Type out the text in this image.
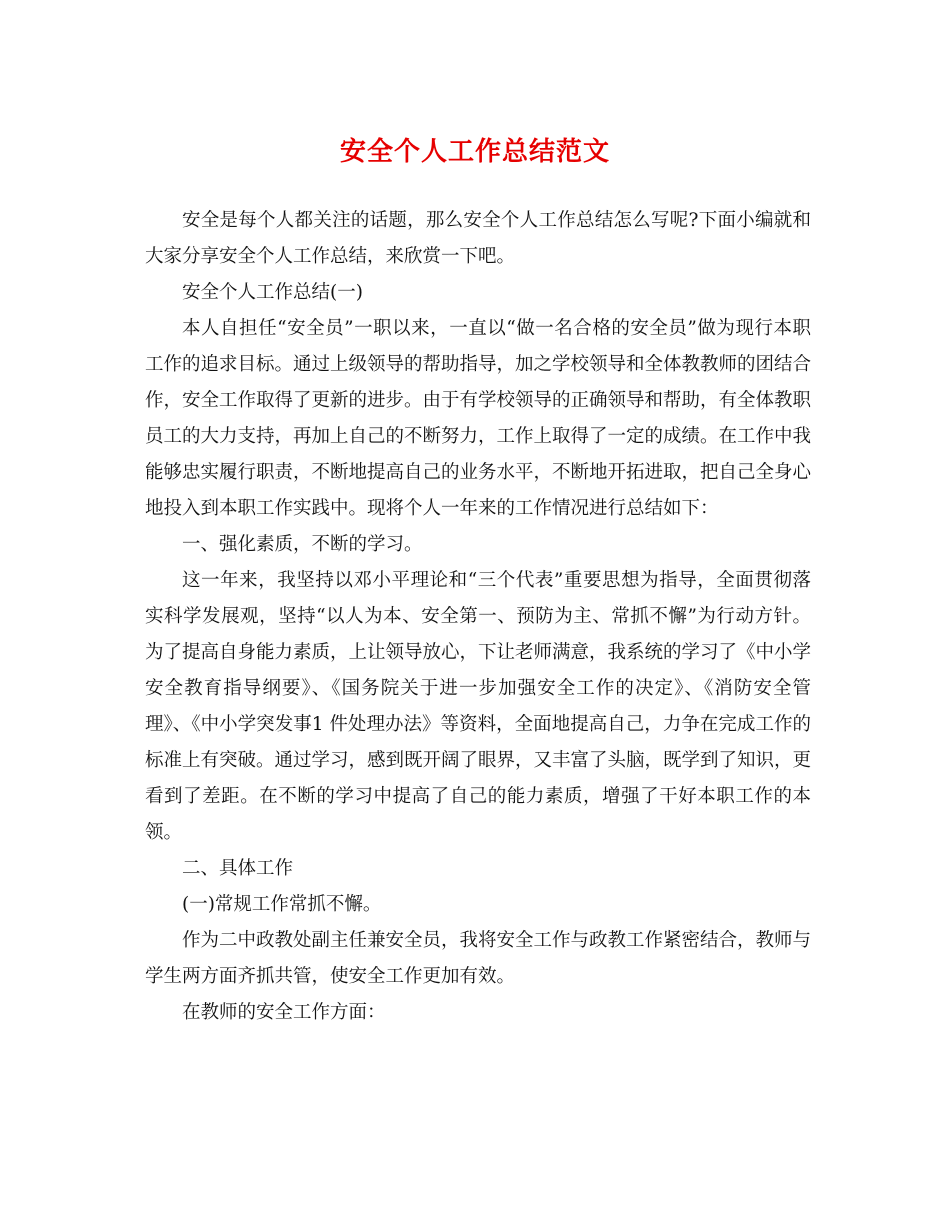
安全个人工作总结范文

安全是每个人都关注的话题，那么安全个人工作总结怎么写呢?下面小编就和大家分享安全个人工作总结，来欣赏一下吧。

安全个人工作总结(一)

本人自担任“安全员”一职以来，一直以“做一名合格的安全员”做为现行本职工作的追求目标。通过上级领导的帮助指导，加之学校领导和全体教教师的团结合作，安全工作取得了更新的进步。由于有学校领导的正确领导和帮助，有全体教职员工的大力支持，再加上自己的不断努力，工作上取得了一定的成绩。在工作中我能够忠实履行职责，不断地提高自己的业务水平，不断地开拓进取，把自己全身心地投入到本职工作实践中。现将个人一年来的工作情况进行总结如下：

一、强化素质，不断的学习。

这一年来，我坚持以邓小平理论和“三个代表”重要思想为指导，全面贯彻落实科学发展观，坚持“以人为本、安全第一、预防为主、常抓不懈”为行动方针。为了提高自身能力素质，上让领导放心，下让老师满意，我系统的学习了《中小学安全教育指导纲要》、《国务院关于进一步加强安全工作的决定》、《消防安全管理》、《中小学突发事1 件处理办法》等资料，全面地提高自己，力争在完成工作的标准上有突破。通过学习，感到既开阔了眼界，又丰富了头脑，既学到了知识，更看到了差距。在不断的学习中提高了自己的能力素质，增强了干好本职工作的本领。

二、具体工作

(一)常规工作常抓不懈。

作为二中政教处副主任兼安全员，我将安全工作与政教工作紧密结合，教师与学生两方面齐抓共管，使安全工作更加有效。

在教师的安全工作方面：
